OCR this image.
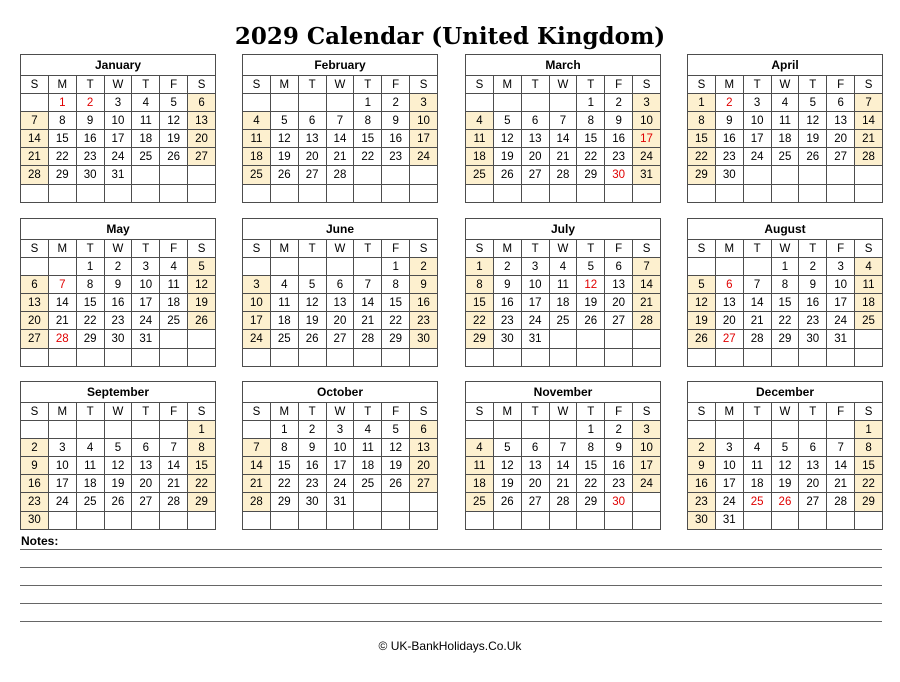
2029 Calendar (United Kingdom)
January						
S	M	T	W	T	F	S
	1	2	3	4	5	6
7	8	9	10	11	12	13
14	15	16	17	18	19	20
21	22	23	24	25	26	27
28	29	30	31			

February						
S	M	T	W	T	F	S
				1	2	3
4	5	6	7	8	9	10
11	12	13	14	15	16	17
18	19	20	21	22	23	24
25	26	27	28			

March						
S	M	T	W	T	F	S
				1	2	3
4	5	6	7	8	9	10
11	12	13	14	15	16	17
18	19	20	21	22	23	24
25	26	27	28	29	30	31

April						
S	M	T	W	T	F	S
1	2	3	4	5	6	7
8	9	10	11	12	13	14
15	16	17	18	19	20	21
22	23	24	25	26	27	28
29	30					

May						
S	M	T	W	T	F	S
		1	2	3	4	5
6	7	8	9	10	11	12
13	14	15	16	17	18	19
20	21	22	23	24	25	26
27	28	29	30	31		

June						
S	M	T	W	T	F	S
					1	2
3	4	5	6	7	8	9
10	11	12	13	14	15	16
17	18	19	20	21	22	23
24	25	26	27	28	29	30

July						
S	M	T	W	T	F	S
1	2	3	4	5	6	7
8	9	10	11	12	13	14
15	16	17	18	19	20	21
22	23	24	25	26	27	28
29	30	31				

August						
S	M	T	W	T	F	S
			1	2	3	4
5	6	7	8	9	10	11
12	13	14	15	16	17	18
19	20	21	22	23	24	25
26	27	28	29	30	31	

September						
S	M	T	W	T	F	S
						1
2	3	4	5	6	7	8
9	10	11	12	13	14	15
16	17	18	19	20	21	22
23	24	25	26	27	28	29
30						
October						
S	M	T	W	T	F	S
	1	2	3	4	5	6
7	8	9	10	11	12	13
14	15	16	17	18	19	20
21	22	23	24	25	26	27
28	29	30	31			

November						
S	M	T	W	T	F	S
				1	2	3
4	5	6	7	8	9	10
11	12	13	14	15	16	17
18	19	20	21	22	23	24
25	26	27	28	29	30	

December						
S	M	T	W	T	F	S
						1
2	3	4	5	6	7	8
9	10	11	12	13	14	15
16	17	18	19	20	21	22
23	24	25	26	27	28	29
30	31					
Notes:
© UK-BankHolidays.Co.Uk
